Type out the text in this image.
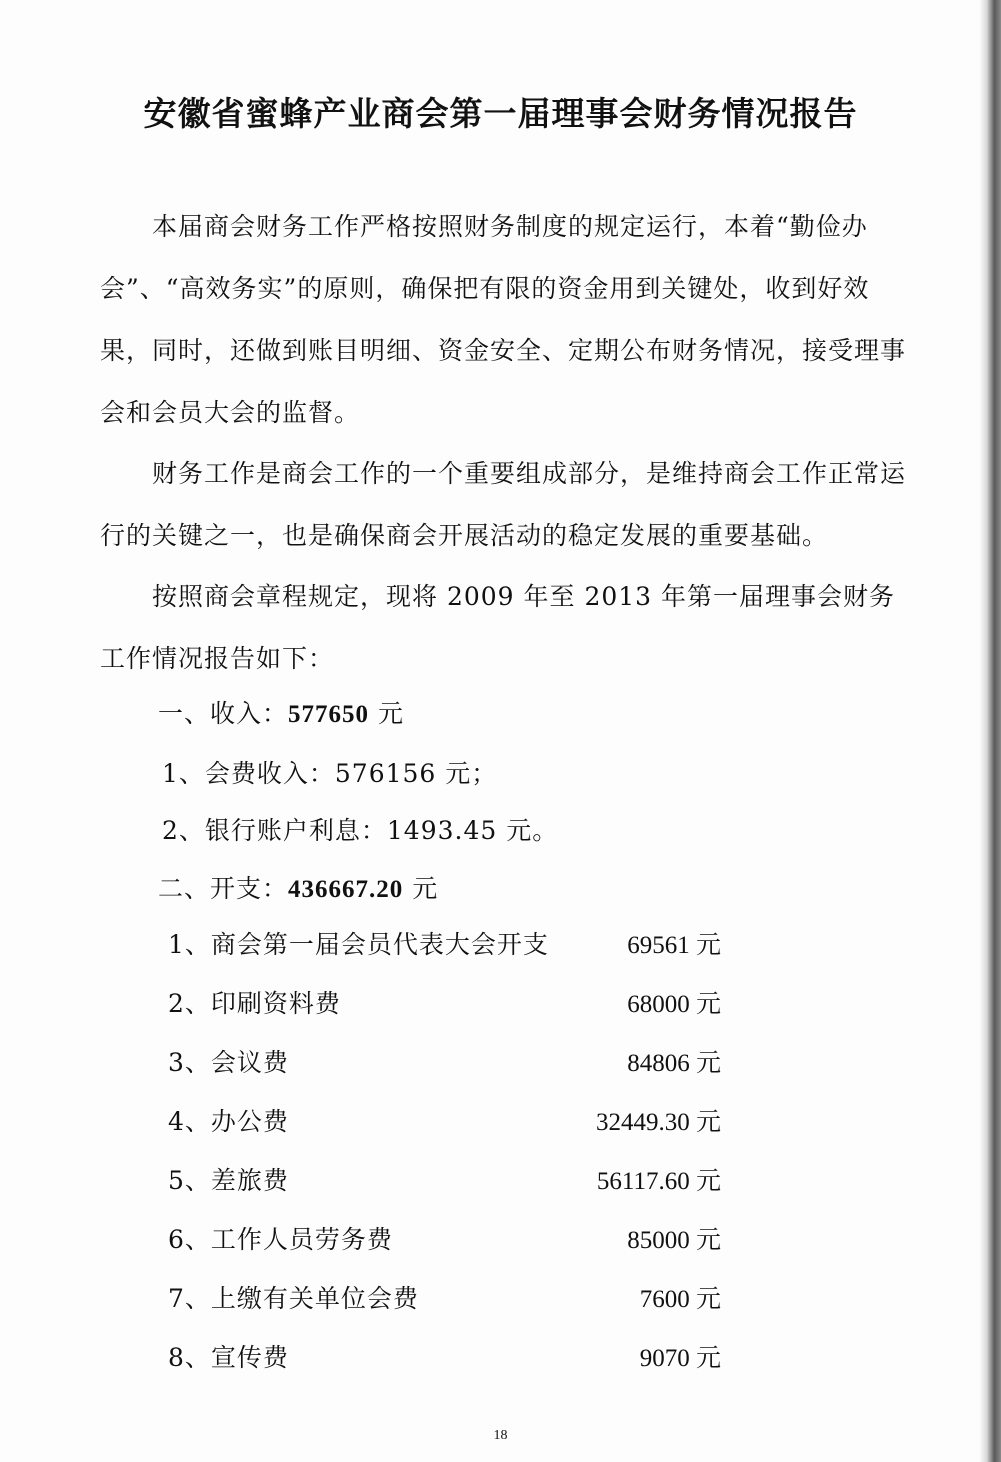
安徽省蜜蜂产业商会第一届理事会财务情况报告
本届商会财务工作严格按照财务制度的规定运行，本着“勤俭办会”、“高效务实”的原则，确保把有限的资金用到关键处，收到好效果，同时，还做到账目明细、资金安全、定期公布财务情况，接受理事会和会员大会的监督。
财务工作是商会工作的一个重要组成部分，是维持商会工作正常运行的关键之一，也是确保商会开展活动的稳定发展的重要基础。
按照商会章程规定，现将 2009 年至 2013 年第一届理事会财务工作情况报告如下：
一、收入：577650 元
1、会费收入：576156 元；
2、银行账户利息：1493.45 元。
二、开支：436667.20 元
1、商会第一届会员代表大会开支	69561 元
2、印刷资料费	68000 元
3、会议费	84806 元
4、办公费	32449.30 元
5、差旅费	56117.60 元
6、工作人员劳务费	85000 元
7、上缴有关单位会费	7600 元
8、宣传费	9070 元
18
